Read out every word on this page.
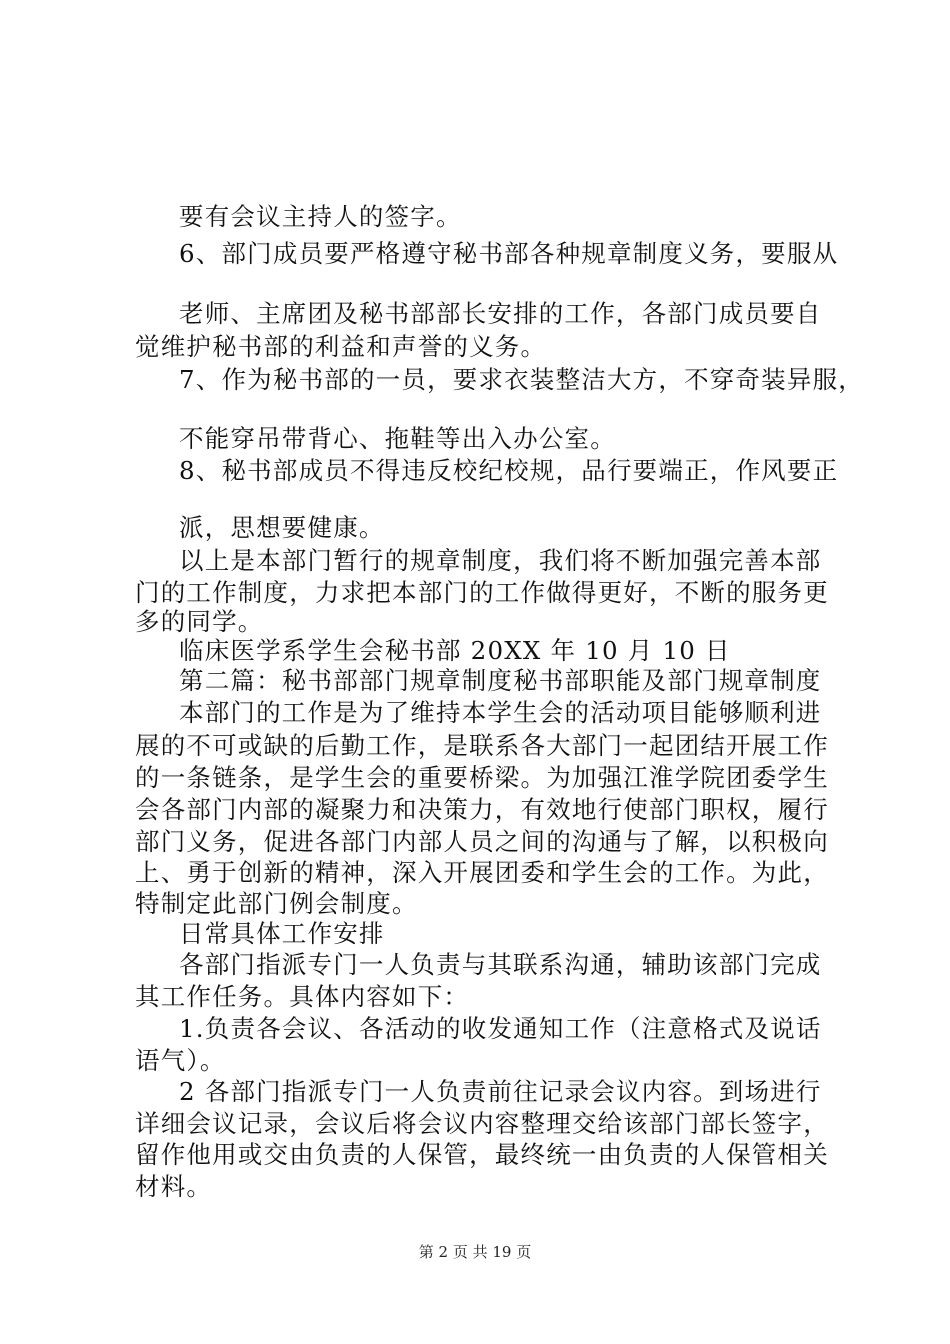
要有会议主持人的签字。
6、部门成员要严格遵守秘书部各种规章制度义务，要服从
老师、主席团及秘书部部长安排的工作，各部门成员要自
觉维护秘书部的利益和声誉的义务。
7、作为秘书部的一员，要求衣装整洁大方，不穿奇装异服，
不能穿吊带背心、拖鞋等出入办公室。
8、秘书部成员不得违反校纪校规，品行要端正，作风要正
派，思想要健康。
以上是本部门暂行的规章制度，我们将不断加强完善本部
门的工作制度，力求把本部门的工作做得更好，不断的服务更
多的同学。
临床医学系学生会秘书部 20XX 年 10 月 10 日
第二篇：秘书部部门规章制度秘书部职能及部门规章制度
本部门的工作是为了维持本学生会的活动项目能够顺利进
展的不可或缺的后勤工作，是联系各大部门一起团结开展工作
的一条链条，是学生会的重要桥梁。为加强江淮学院团委学生
会各部门内部的凝聚力和决策力，有效地行使部门职权，履行
部门义务，促进各部门内部人员之间的沟通与了解，以积极向
上、勇于创新的精神，深入开展团委和学生会的工作。为此，
特制定此部门例会制度。
日常具体工作安排
各部门指派专门一人负责与其联系沟通，辅助该部门完成
其工作任务。具体内容如下：
1.负责各会议、各活动的收发通知工作（注意格式及说话
语气）。
2 各部门指派专门一人负责前往记录会议内容。到场进行
详细会议记录，会议后将会议内容整理交给该部门部长签字，
留作他用或交由负责的人保管，最终统一由负责的人保管相关
材料。
第 2 页 共 19 页
